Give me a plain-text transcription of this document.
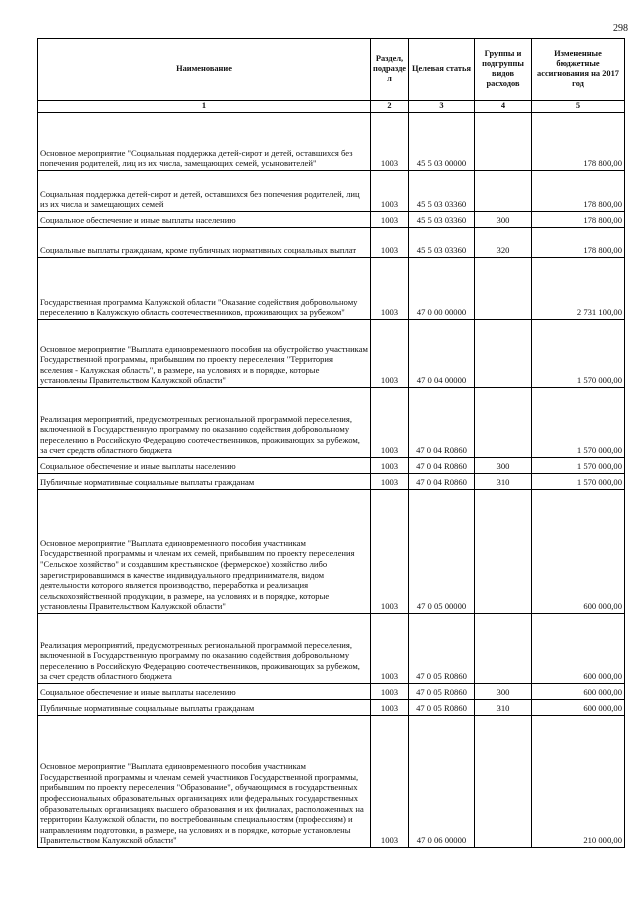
298
Наименование	Раздел, подразде л	Целевая статья	Группы и подгруппы видов расходов	Измененные бюджетные ассигнования на 2017 год
1	2	3	4	5
Основное мероприятие "Социальная поддержка детей-сирот и детей, оставшихся без попечения родителей, лиц из их числа, замещающих семей, усыновителей"	1003	45 5 03 00000		178 800,00
Социальная поддержка детей-сирот и детей, оставшихся без попечения родителей, лиц из их числа и замещающих семей	1003	45 5 03 03360		178 800,00
Социальное обеспечение и иные выплаты населению	1003	45 5 03 03360	300	178 800,00
Социальные выплаты гражданам, кроме публичных нормативных социальных выплат	1003	45 5 03 03360	320	178 800,00
Государственная программа Калужской области "Оказание содействия добровольному переселению в Калужскую область соотечественников, проживающих за рубежом"	1003	47 0 00 00000		2 731 100,00
Основное мероприятие "Выплата единовременного пособия на обустройство участникам Государственной программы, прибывшим по проекту переселения "Территория вселения - Калужская область", в размере, на условиях и в порядке, которые установлены Правительством Калужской области"	1003	47 0 04 00000		1 570 000,00
Реализация мероприятий, предусмотренных региональной программой переселения, включенной в Государственную программу по оказанию содействия добровольному переселению в Российскую Федерацию соотечественников, проживающих за рубежом, за счет средств областного бюджета	1003	47 0 04 R0860		1 570 000,00
Социальное обеспечение и иные выплаты населению	1003	47 0 04 R0860	300	1 570 000,00
Публичные нормативные социальные выплаты гражданам	1003	47 0 04 R0860	310	1 570 000,00
Основное мероприятие "Выплата единовременного пособия участникам Государственной программы и членам их семей, прибывшим по проекту переселения "Сельское хозяйство" и создавшим крестьянское (фермерское) хозяйство либо зарегистрировавшимся в качестве индивидуального предпринимателя, видом деятельности которого является производство, переработка и реализация сельскохозяйственной продукции, в размере, на условиях и в порядке, которые установлены Правительством Калужской области"	1003	47 0 05 00000		600 000,00
Реализация мероприятий, предусмотренных региональной программой переселения, включенной в Государственную программу по оказанию содействия добровольному переселению в Российскую Федерацию соотечественников, проживающих за рубежом, за счет средств областного бюджета	1003	47 0 05 R0860		600 000,00
Социальное обеспечение и иные выплаты населению	1003	47 0 05 R0860	300	600 000,00
Публичные нормативные социальные выплаты гражданам	1003	47 0 05 R0860	310	600 000,00
Основное мероприятие "Выплата единовременного пособия участникам Государственной программы и членам семей участников Государственной программы, прибывшим по проекту переселения "Образование", обучающимся в государственных профессиональных образовательных организациях или федеральных государственных образовательных организациях высшего образования и их филиалах, расположенных на территории Калужской области, по востребованным специальностям (профессиям) и направлениям подготовки, в размере, на условиях и в порядке, которые установлены Правительством Калужской области"	1003	47 0 06 00000		210 000,00
